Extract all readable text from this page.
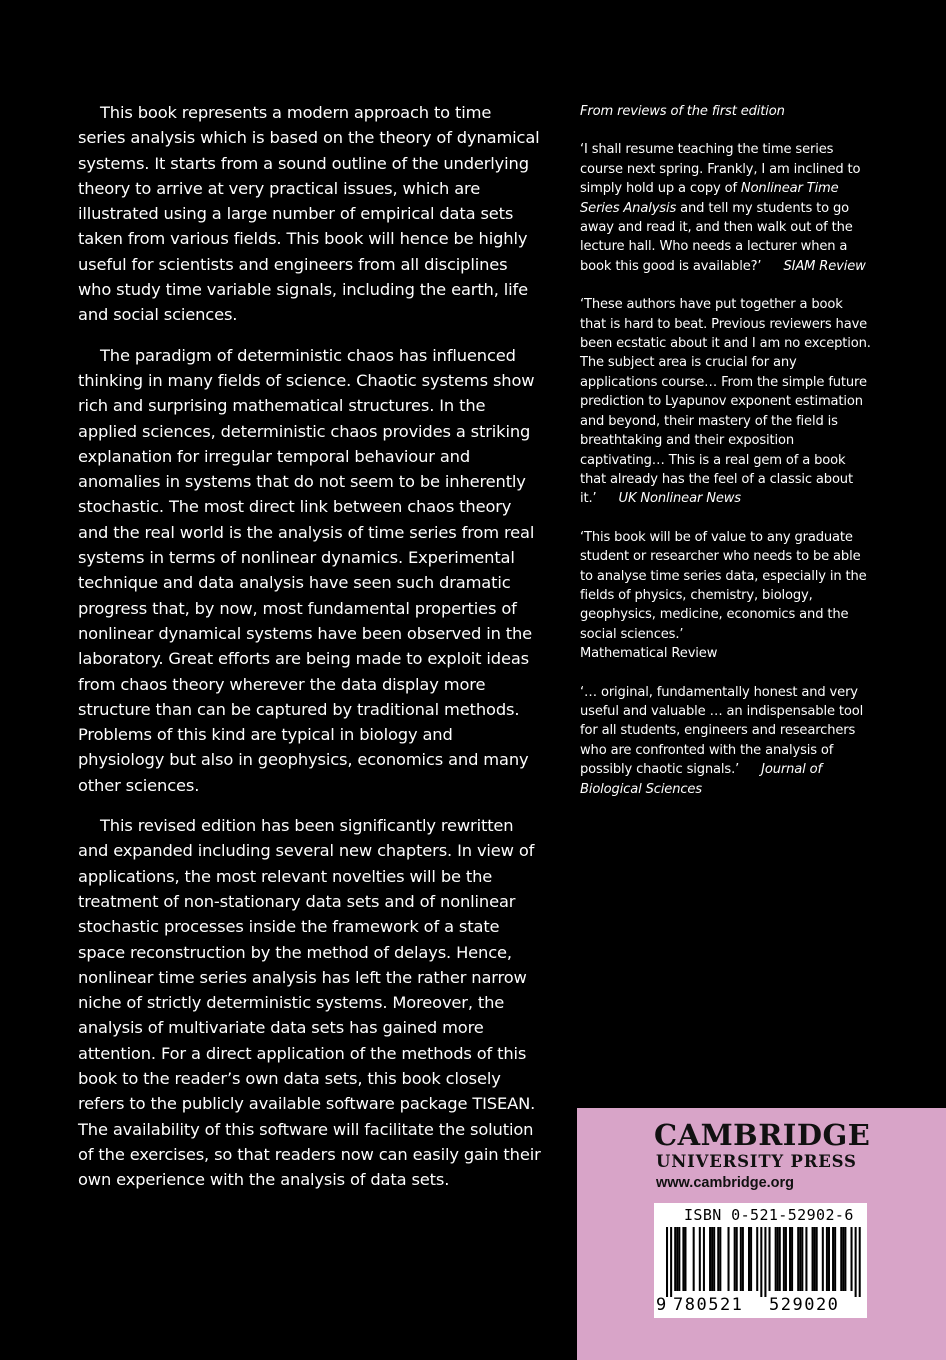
This book represents a modern approach to time series analysis which is based on the theory of dynamical systems. It starts from a sound outline of the underlying theory to arrive at very practical issues, which are illustrated using a large number of empirical data sets taken from various fields. This book will hence be highly useful for scientists and engineers from all disciplines who study time variable signals, including the earth, life and social sciences.

The paradigm of deterministic chaos has influenced thinking in many fields of science. Chaotic systems show rich and surprising mathematical structures. In the applied sciences, deterministic chaos provides a striking explanation for irregular temporal behaviour and anomalies in systems that do not seem to be inherently stochastic. The most direct link between chaos theory and the real world is the analysis of time series from real systems in terms of nonlinear dynamics. Experimental technique and data analysis have seen such dramatic progress that, by now, most fundamental properties of nonlinear dynamical systems have been observed in the laboratory. Great efforts are being made to exploit ideas from chaos theory wherever the data display more structure than can be captured by traditional methods. Problems of this kind are typical in biology and physiology but also in geophysics, economics and many other sciences.

This revised edition has been significantly rewritten and expanded including several new chapters. In view of applications, the most relevant novelties will be the treatment of non-stationary data sets and of nonlinear stochastic processes inside the framework of a state space reconstruction by the method of delays. Hence, nonlinear time series analysis has left the rather narrow niche of strictly deterministic systems. Moreover, the analysis of multivariate data sets has gained more attention. For a direct application of the methods of this book to the reader’s own data sets, this book closely refers to the publicly available software package TISEAN. The availability of this software will facilitate the solution of the exercises, so that readers now can easily gain their own experience with the analysis of data sets.

From reviews of the first edition
‘I shall resume teaching the time series course next spring. Frankly, I am inclined to simply hold up a copy of Nonlinear Time Series Analysis and tell my students to go away and read it, and then walk out of the lecture hall. Who needs a lecturer when a book this good is available?’ SIAM Review
‘These authors have put together a book that is hard to beat. Previous reviewers have been ecstatic about it and I am no exception. The subject area is crucial for any applications course… From the simple future prediction to Lyapunov exponent estimation and beyond, their mastery of the field is breathtaking and their exposition captivating… This is a real gem of a book that already has the feel of a classic about it.’ UK Nonlinear News
‘This book will be of value to any graduate student or researcher who needs to be able to analyse time series data, especially in the fields of physics, chemistry, biology, geophysics, medicine, economics and the social sciences.’
Mathematical Review
‘… original, fundamentally honest and very useful and valuable … an indispensable tool for all students, engineers and researchers who are confronted with the analysis of possibly chaotic signals.’ Journal of Biological Sciences
CAMBRIDGE
UNIVERSITY PRESS
www.cambridge.org
ISBN 0-521-52902-6
9 780521 529020
